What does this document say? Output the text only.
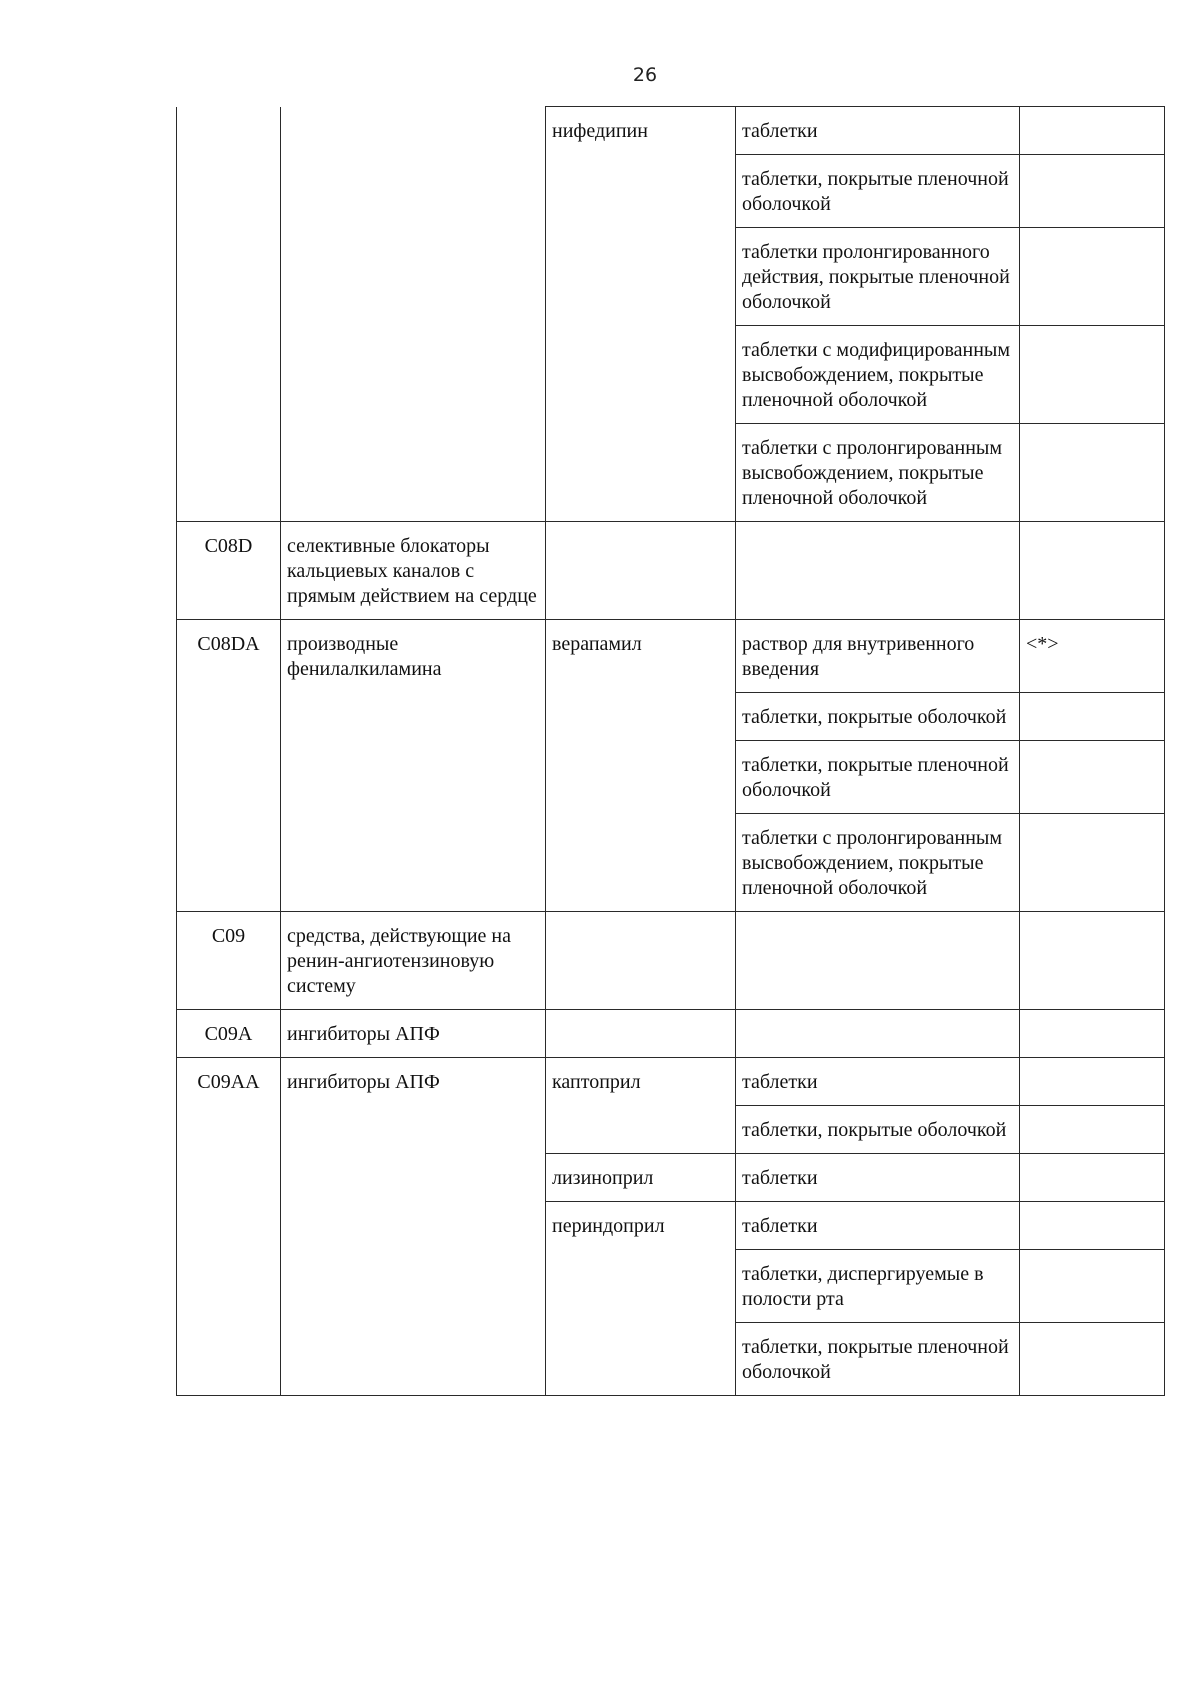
26
		нифедипин	таблетки	
			таблетки, покрытые пленочной оболочкой	
			таблетки пролонгированного действия, покрытые пленочной оболочкой	
			таблетки с модифицированным высвобождением, покрытые пленочной оболочкой	
			таблетки с пролонгированным высвобождением, покрытые пленочной оболочкой	
C08D	селективные блокаторы кальциевых каналов с прямым действием на сердце			
C08DA	производные фенилалкиламина	верапамил	раствор для внутривенного введения	<*>
			таблетки, покрытые оболочкой	
			таблетки, покрытые пленочной оболочкой	
			таблетки с пролонгированным высвобождением, покрытые пленочной оболочкой	
C09	средства, действующие на ренин-ангиотензиновую систему			
C09A	ингибиторы АПФ			
C09AA	ингибиторы АПФ	каптоприл	таблетки	
			таблетки, покрытые оболочкой	
		лизиноприл	таблетки	
		периндоприл	таблетки	
			таблетки, диспергируемые в полости рта	
			таблетки, покрытые пленочной оболочкой	
